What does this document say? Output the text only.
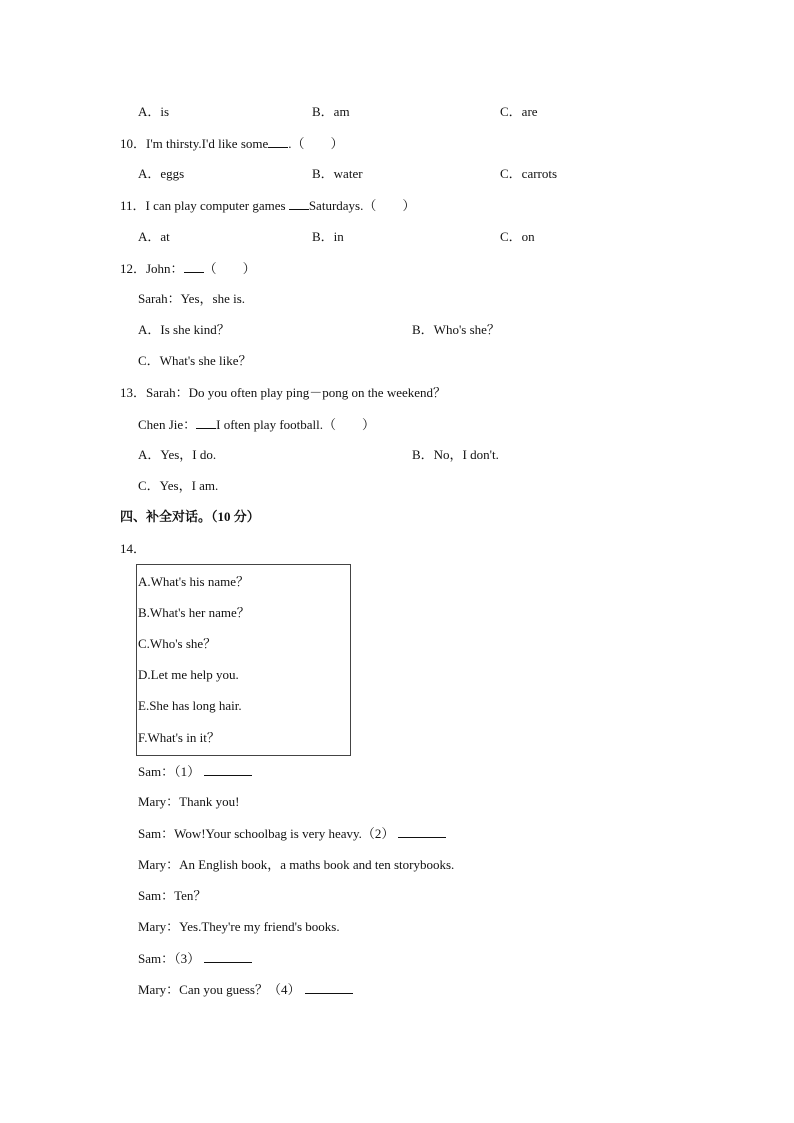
A．is	B．am	C．are
10．I'm thirsty.I'd like some .（　　）
A．eggs	B．water	C．carrots
11．I can play computer games Saturdays.（　　）
A．at	B．in	C．on
12．John： （　　）
Sarah：Yes，she is.
A．Is she kind？	B．Who's she？
C．What's she like？
13．Sarah：Do you often play ping－pong on the weekend？
Chen Jie： I often play football.（　　）
A．Yes，I do.	B．No，I don't.
C．Yes，I am.
四、补全对话。（10 分）
14．
A.What's his name？
B.What's her name？
C.Who's she？
D.Let me help you.
E.She has long hair.
F.What's in it？
Sam：（1）
Mary：Thank you!
Sam：Wow!Your schoolbag is very heavy.（2）
Mary：An English book，a maths book and ten storybooks.
Sam：Ten？
Mary：Yes.They're my friend's books.
Sam：（3）
Mary：Can you guess？（4）
